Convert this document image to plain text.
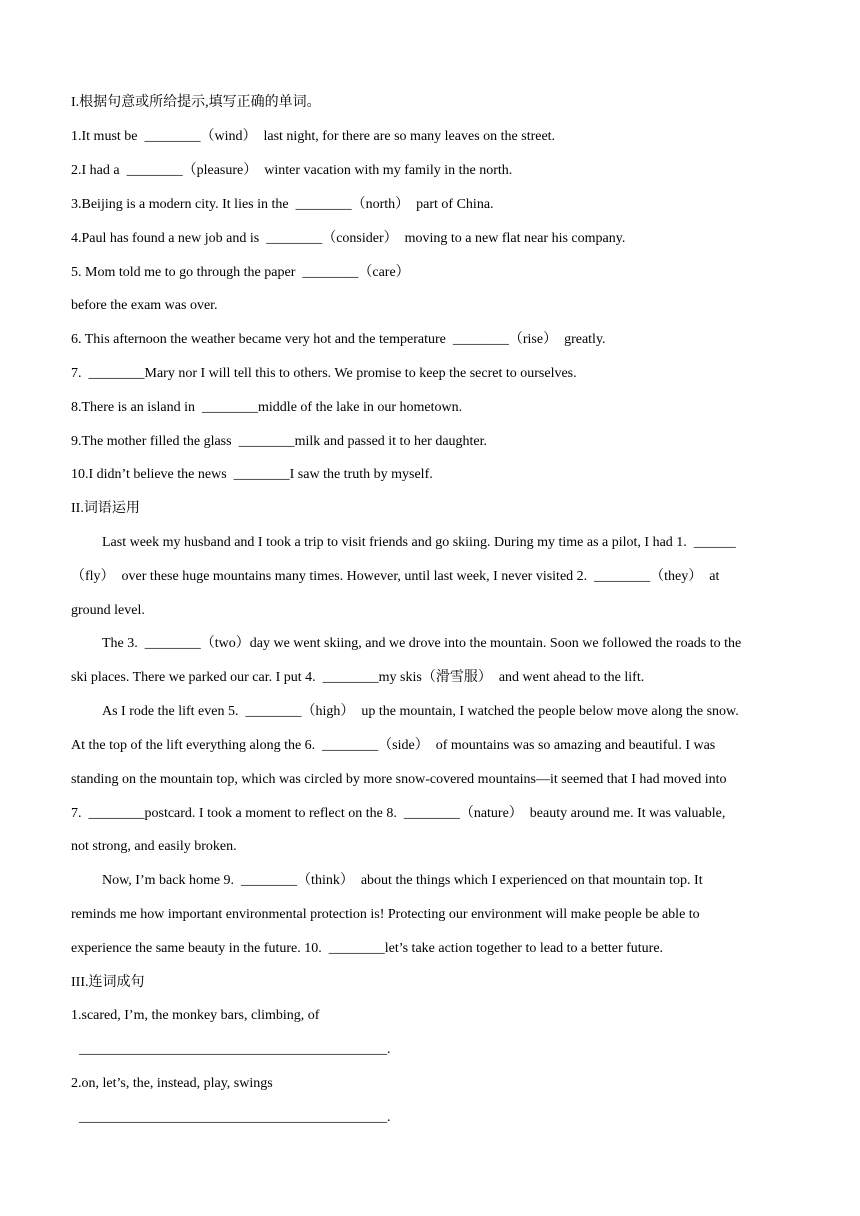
I.根据句意或所给提示,填写正确的单词。
1.It must be  ________（wind）  last night, for there are so many leaves on the street.
2.I had a  ________（pleasure）  winter vacation with my family in the north.
3.Beijing is a modern city. It lies in the  ________（north）  part of China.
4.Paul has found a new job and is  ________（consider）  moving to a new flat near his company.
5. Mom told me to go through the paper  ________（care）
before the exam was over.
6. This afternoon the weather became very hot and the temperature  ________（rise）  greatly.
7.  ________Mary nor I will tell this to others. We promise to keep the secret to ourselves.
8.There is an island in  ________middle of the lake in our hometown.
9.The mother filled the glass  ________milk and passed it to her daughter.
10.I didn’t believe the news  ________I saw the truth by myself.
II.词语运用
Last week my husband and I took a trip to visit friends and go skiing. During my time as a pilot, I had 1.  ______
（fly）  over these huge mountains many times. However, until last week, I never visited 2.  ________（they）  at
ground level.
The 3.  ________（two）day we went skiing, and we drove into the mountain. Soon we followed the roads to the
ski places. There we parked our car. I put 4.  ________my skis（滑雪服）  and went ahead to the lift.
As I rode the lift even 5.  ________（high）  up the mountain, I watched the people below move along the snow.
At the top of the lift everything along the 6.  ________（side）  of mountains was so amazing and beautiful. I was
standing on the mountain top, which was circled by more snow-covered mountains—it seemed that I had moved into
7.  ________postcard. I took a moment to reflect on the 8.  ________（nature）  beauty around me. It was valuable,
not strong, and easily broken.
Now, I’m back home 9.  ________（think）  about the things which I experienced on that mountain top. It
reminds me how important environmental protection is! Protecting our environment will make people be able to
experience the same beauty in the future. 10.  ________let’s take action together to lead to a better future.
III.连词成句
1.scared, I’m, the monkey bars, climbing, of
____________________________________________.
2.on, let’s, the, instead, play, swings
____________________________________________.
